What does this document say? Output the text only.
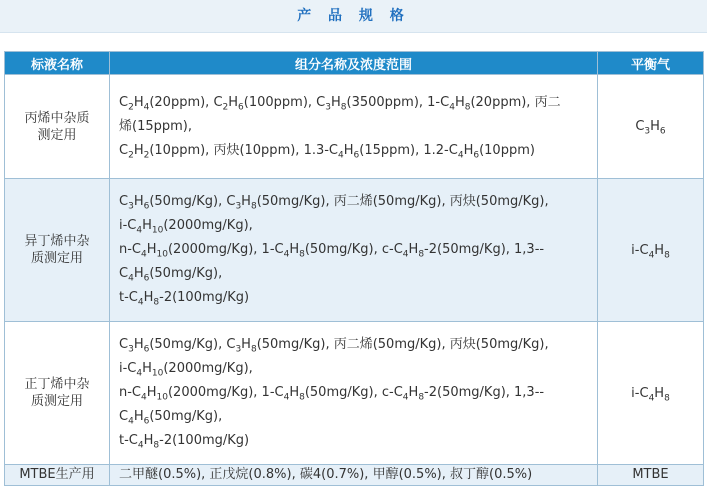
产 品 规 格
标液名称	组分名称及浓度范围	平衡气

丙烯中杂质
测定用	$C_2H_4(20ppm)$, $C_2H_6(100ppm)$, $C_3H_8(3500ppm)$, $1-C_4H_8(20ppm)$, 丙二
烯(15ppm),
$C_2H_2(10ppm)$, 丙炔(10ppm), $1.3-C_4H_6(15ppm)$, $1.2-C_4H_6(10ppm)$	$C_3H_6$

异丁烯中杂
质测定用	$C_3H_6(50mg/Kg)$, $C_3H_8(50mg/Kg)$, 丙二烯(50mg/Kg), 丙炔(50mg/Kg),
$i-C_4H_{10}(2000mg/Kg)$,
$n-C_4H_{10}(2000mg/Kg)$, $1-C_4H_8(50mg/Kg)$, $c-C_4H_8-2(50mg/Kg)$, 1,3--
$C_4H_6(50mg/Kg)$,
$t-C_4H_8-2(100mg/Kg)$	$i-C_4H_8$

正丁烯中杂
质测定用	$C_3H_6(50mg/Kg)$, $C_3H_8(50mg/Kg)$, 丙二烯(50mg/Kg), 丙炔(50mg/Kg),
$i-C_4H_{10}(2000mg/Kg)$,
$n-C_4H_{10}(2000mg/Kg)$, $1-C_4H_8(50mg/Kg)$, $c-C_4H_8-2(50mg/Kg)$, 1,3--
$C_4H_6(50mg/Kg)$,
$t-C_4H_8-2(100mg/Kg)$	$i-C_4H_8$

MTBE生产用	二甲醚(0.5%), 正戊烷(0.8%), 碳4(0.7%), 甲醇(0.5%), 叔丁醇(0.5%)	MTBE
